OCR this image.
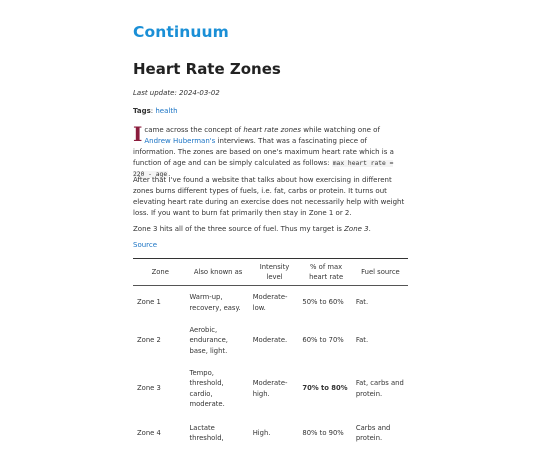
Continuum
Heart Rate Zones
Last update: 2024-03-02
Tags: health

I came across the concept of heart rate zones while watching one of Andrew Huberman's interviews. That was a fascinating piece of information. The zones are based on one's maximum heart rate which is a function of age and can be simply calculated as follows: max heart rate = 220 - age.

After that I've found a website that talks about how exercising in different zones burns different types of fuels, i.e. fat, carbs or protein. It turns out elevating heart rate during an exercise does not necessarily help with weight loss. If you want to burn fat primarily then stay in Zone 1 or 2.

Zone 3 hits all of the three source of fuel. Thus my target is Zone 3.

Source
Zone	Also known as	Intensity level	% of max heart rate	Fuel source
Zone 1	Warm-up, recovery, easy.	Moderate-low.	50% to 60%	Fat.
Zone 2	Aerobic, endurance, base, light.	Moderate.	60% to 70%	Fat.
Zone 3	Tempo, threshold, cardio, moderate.	Moderate-high.	70% to 80%	Fat, carbs and protein.
Zone 4	Lactate threshold,	High.	80% to 90%	Carbs and protein.
